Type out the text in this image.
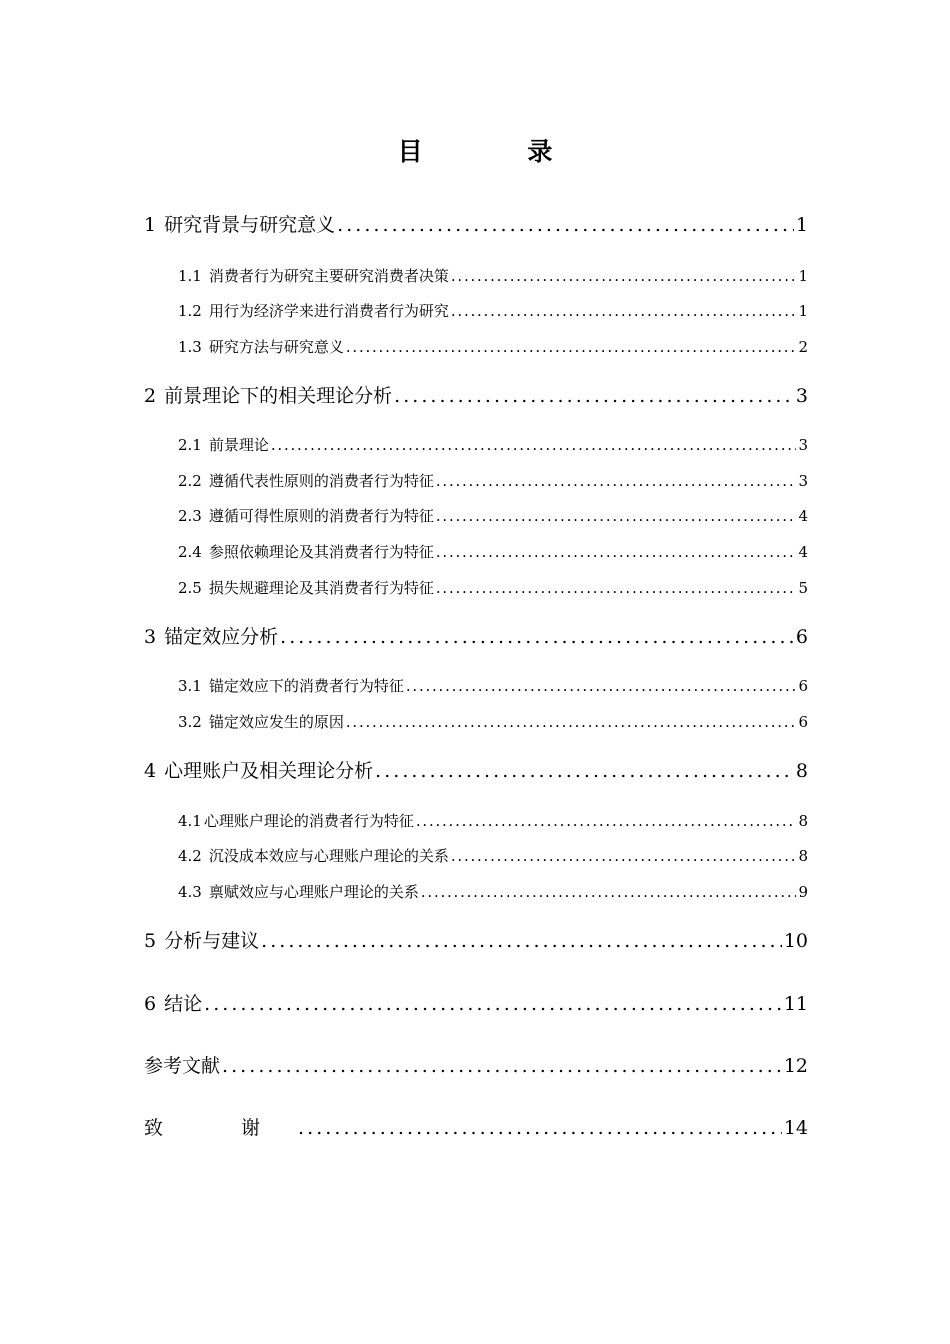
目 录
1 研究背景与研究意义 . . .	1
1.1 消费者行为研究主要研究消费者决策 . . .	1
1.2 用行为经济学来进行消费者行为研究 . . .	1
1.3 研究方法与研究意义 . . .	2
2 前景理论下的相关理论分析 . . .	3
2.1 前景理论 . . .	3
2.2 遵循代表性原则的消费者行为特征 . . .	3
2.3 遵循可得性原则的消费者行为特征 . . .	4
2.4 参照依赖理论及其消费者行为特征 . . .	4
2.5 损失规避理论及其消费者行为特征 . . .	5
3 锚定效应分析 . . .	6
3.1 锚定效应下的消费者行为特征 . . .	6
3.2 锚定效应发生的原因 . . .	6
4 心理账户及相关理论分析 . . .	8
4.1 心理账户理论的消费者行为特征 . . .	8
4.2 沉没成本效应与心理账户理论的关系 . . .	8
4.3 禀赋效应与心理账户理论的关系 . . .	9
5 分析与建议 . . .	10
6 结论 . . .	11
参考文献 . . .	12
致 谢 . . .	14
